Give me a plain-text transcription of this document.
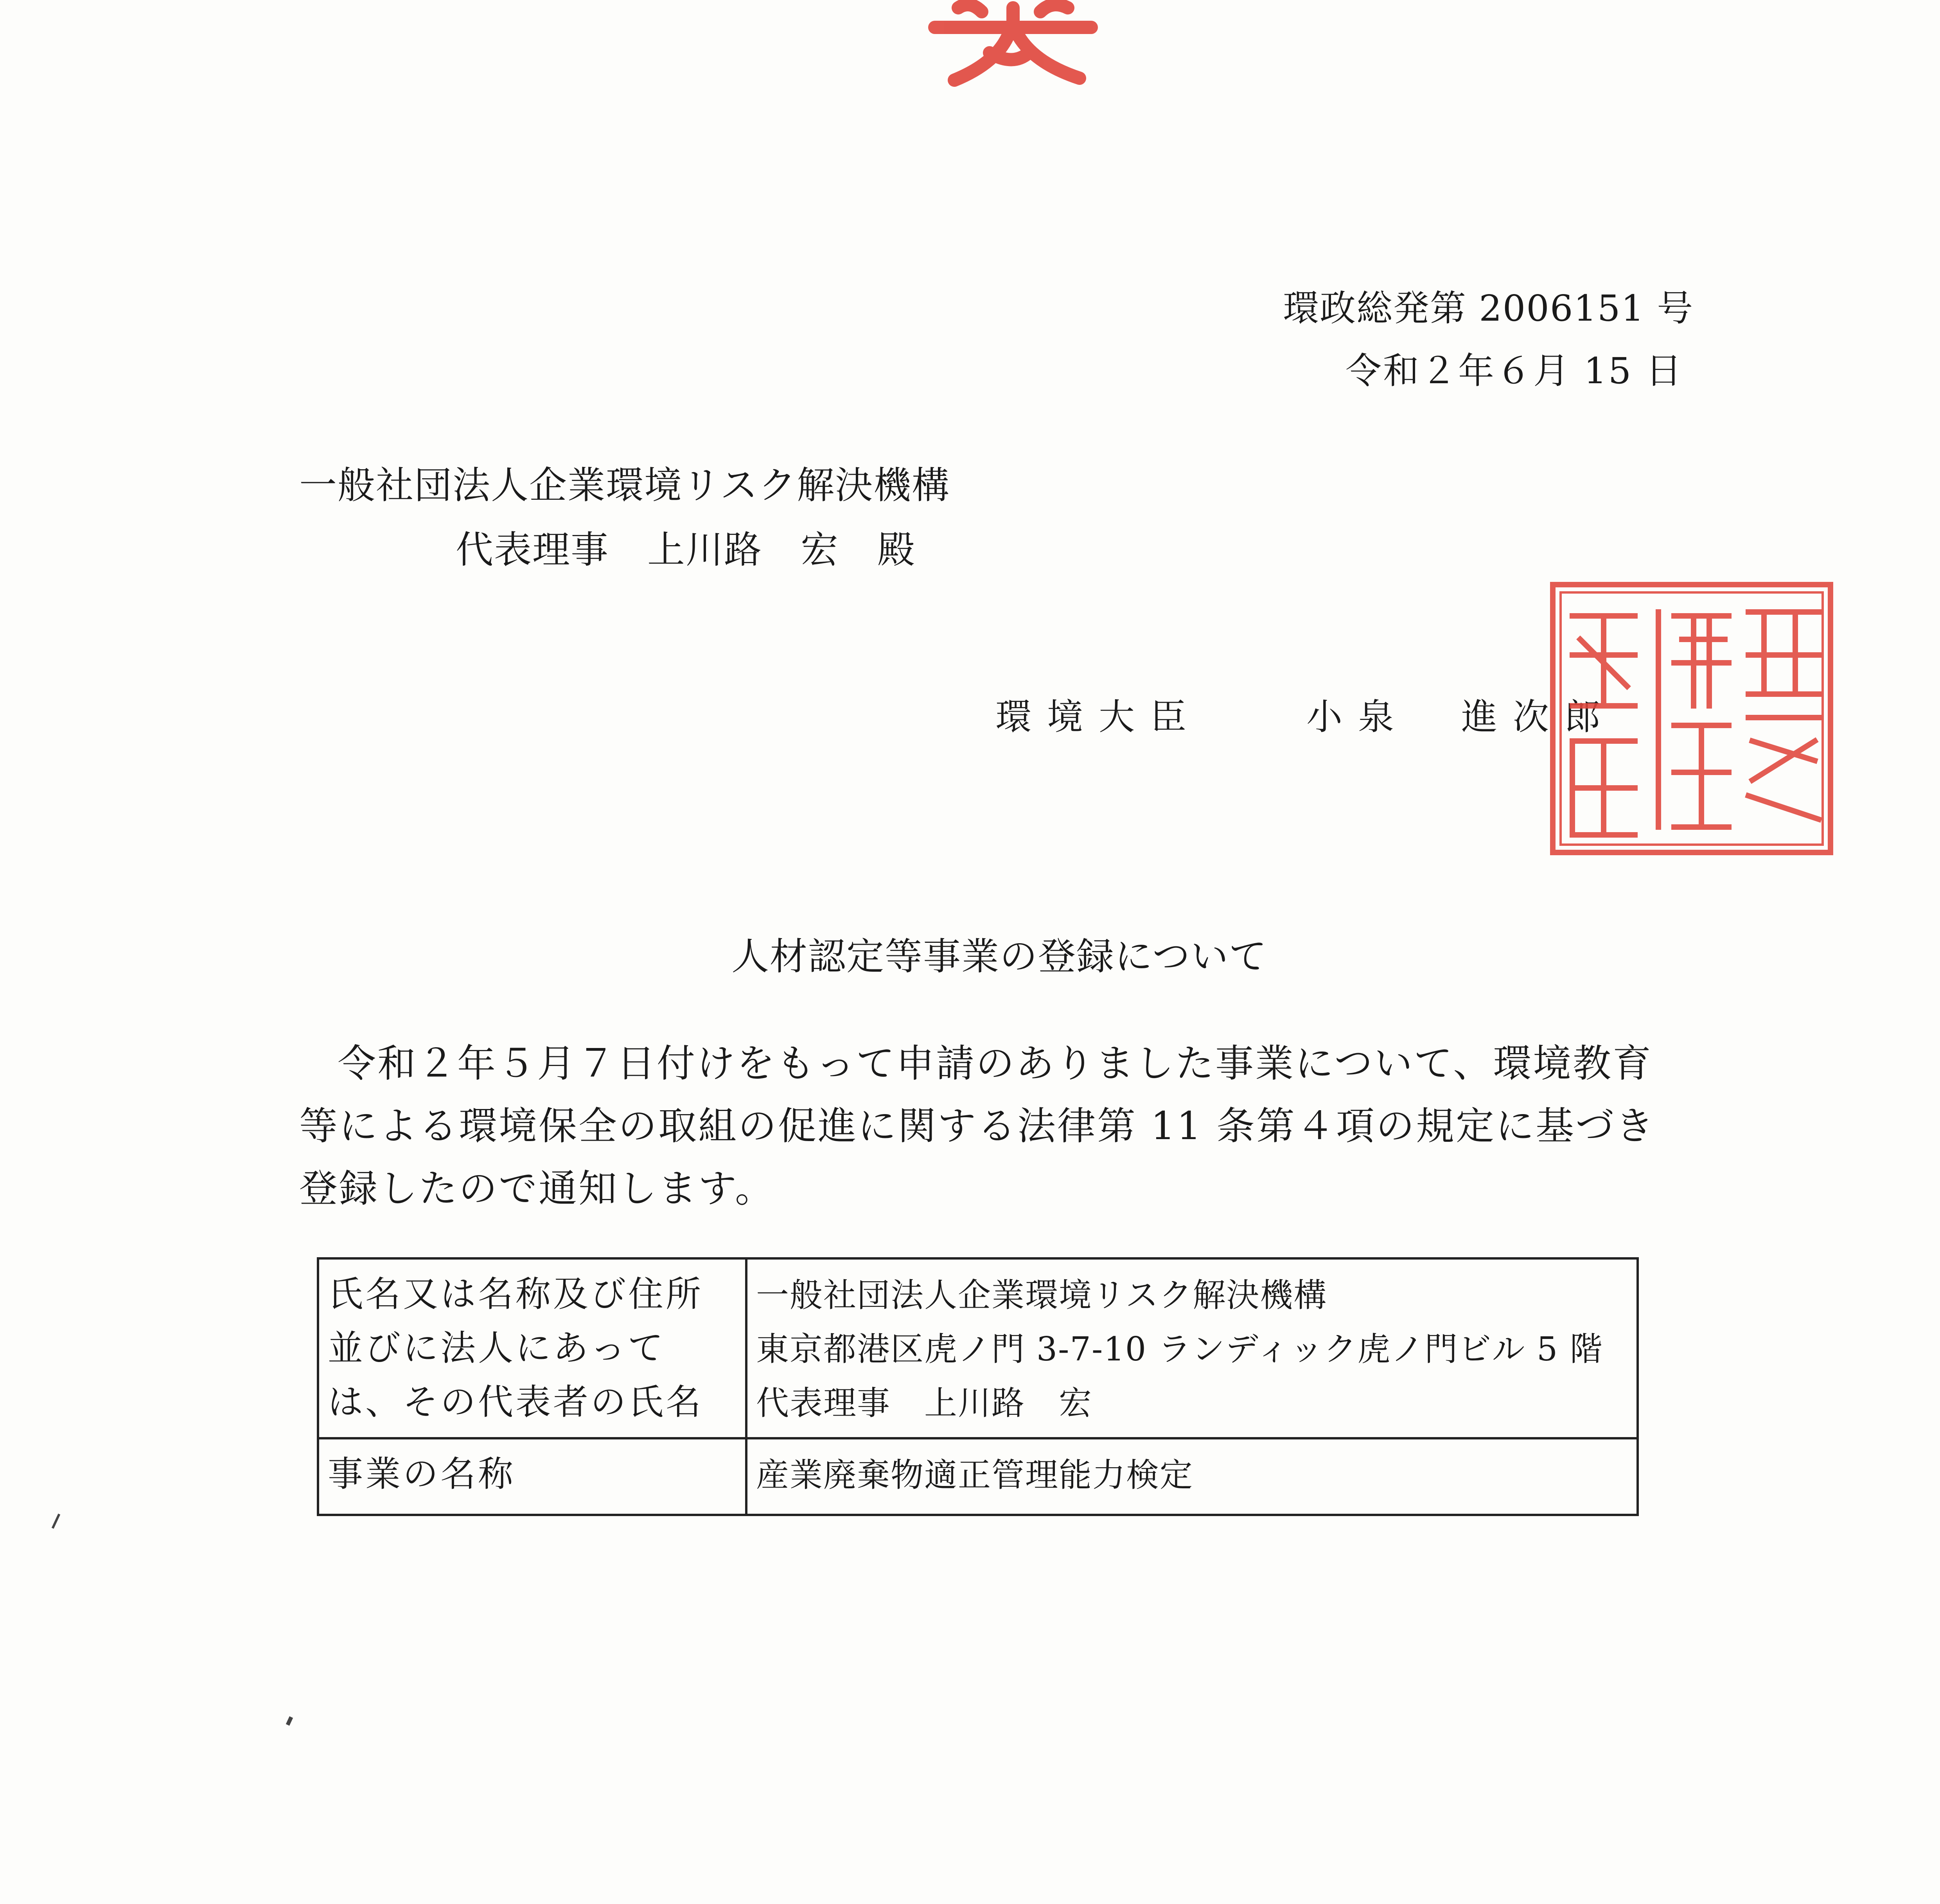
環政総発第 2006151 号
令和２年６月 15 日
一般社団法人企業環境リスク解決機構
代表理事　上川路　宏　殿
環境大臣	小泉　進次郎
人材認定等事業の登録について
令和２年５月７日付けをもって申請のありました事業について、環境教育等による環境保全の取組の促進に関する法律第 11 条第４項の規定に基づき登録したので通知します。
氏名又は名称及び住所並びに法人にあっては、その代表者の氏名	一般社団法人企業環境リスク解決機構
東京都港区虎ノ門 3-7-10 ランディック虎ノ門ビル 5 階
代表理事　上川路　宏

事業の名称	産業廃棄物適正管理能力検定
